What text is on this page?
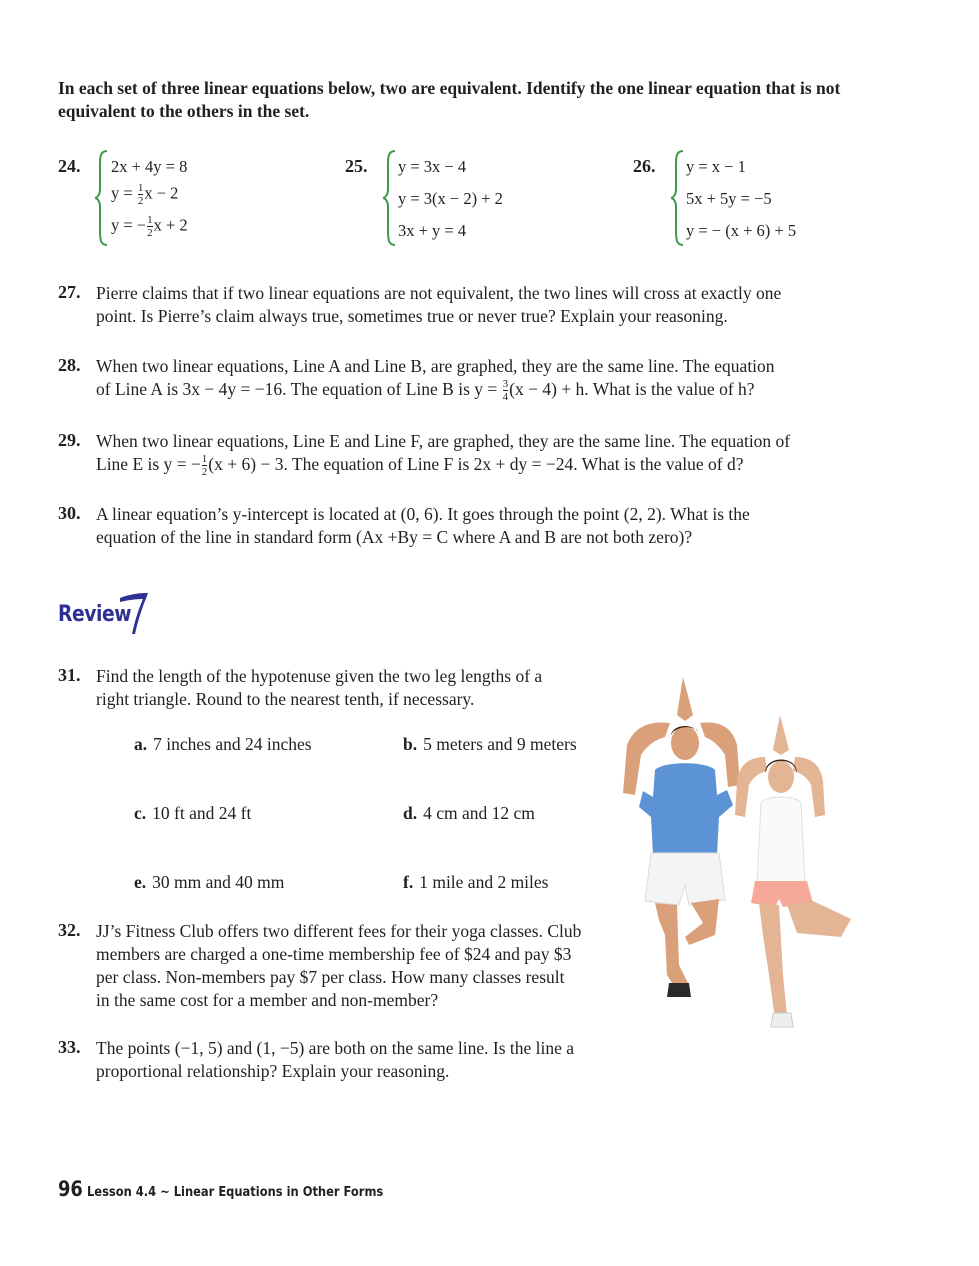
In each set of three linear equations below, two are equivalent. Identify the one linear equation that is not equivalent to the others in the set.
24. 2x + 4y = 8
$y = \frac{1}{2}$ x − 2
y = − $\frac{1}{2}$ x + 2
25. y = 3x − 4
y = 3(x − 2) + 2
3x + y = 4
26. y = x − 1
5x + 5y = −5
y = − (x + 6) + 5
27. Pierre claims that if two linear equations are not equivalent, the two lines will cross at exactly one
point. Is Pierre’s claim always true, sometimes true or never true? Explain your reasoning.
28. When two linear equations, Line A and Line B, are graphed, they are the same line. The equation
of Line A is 3x − 4y = −16. The equation of Line B is $y = \frac{3}{4} (x - 4) + h$. What is the value of h?
29. When two linear equations, Line E and Line F, are graphed, they are the same line. The equation of
Line E is y = − $\frac{1}{2} (x + 6) - 3$. The equation of Line F is 2x + dy = −24. What is the value of d?
30. A linear equation’s y-intercept is located at (0, 6). It goes through the point (2, 2). What is the
equation of the line in standard form (Ax +By = C where A and B are not both zero)?
Review
31. Find the length of the hypotenuse given the two leg lengths of a
right triangle. Round to the nearest tenth, if necessary.
a. 7 inches and 24 inches	b. 5 meters and 9 meters
c. 10 ft and 24 ft	d. 4 cm and 12 cm
e. 30 mm and 40 mm	f. 1 mile and 2 miles
32. JJ’s Fitness Club offers two different fees for their yoga classes. Club
members are charged a one-time membership fee of $24 and pay $3
per class. Non-members pay $7 per class. How many classes result
in the same cost for a member and non-member?
33. The points (−1, 5) and (1, −5) are both on the same line. Is the line a
proportional relationship? Explain your reasoning.
96 Lesson 4.4 ~ Linear Equations in Other Forms
